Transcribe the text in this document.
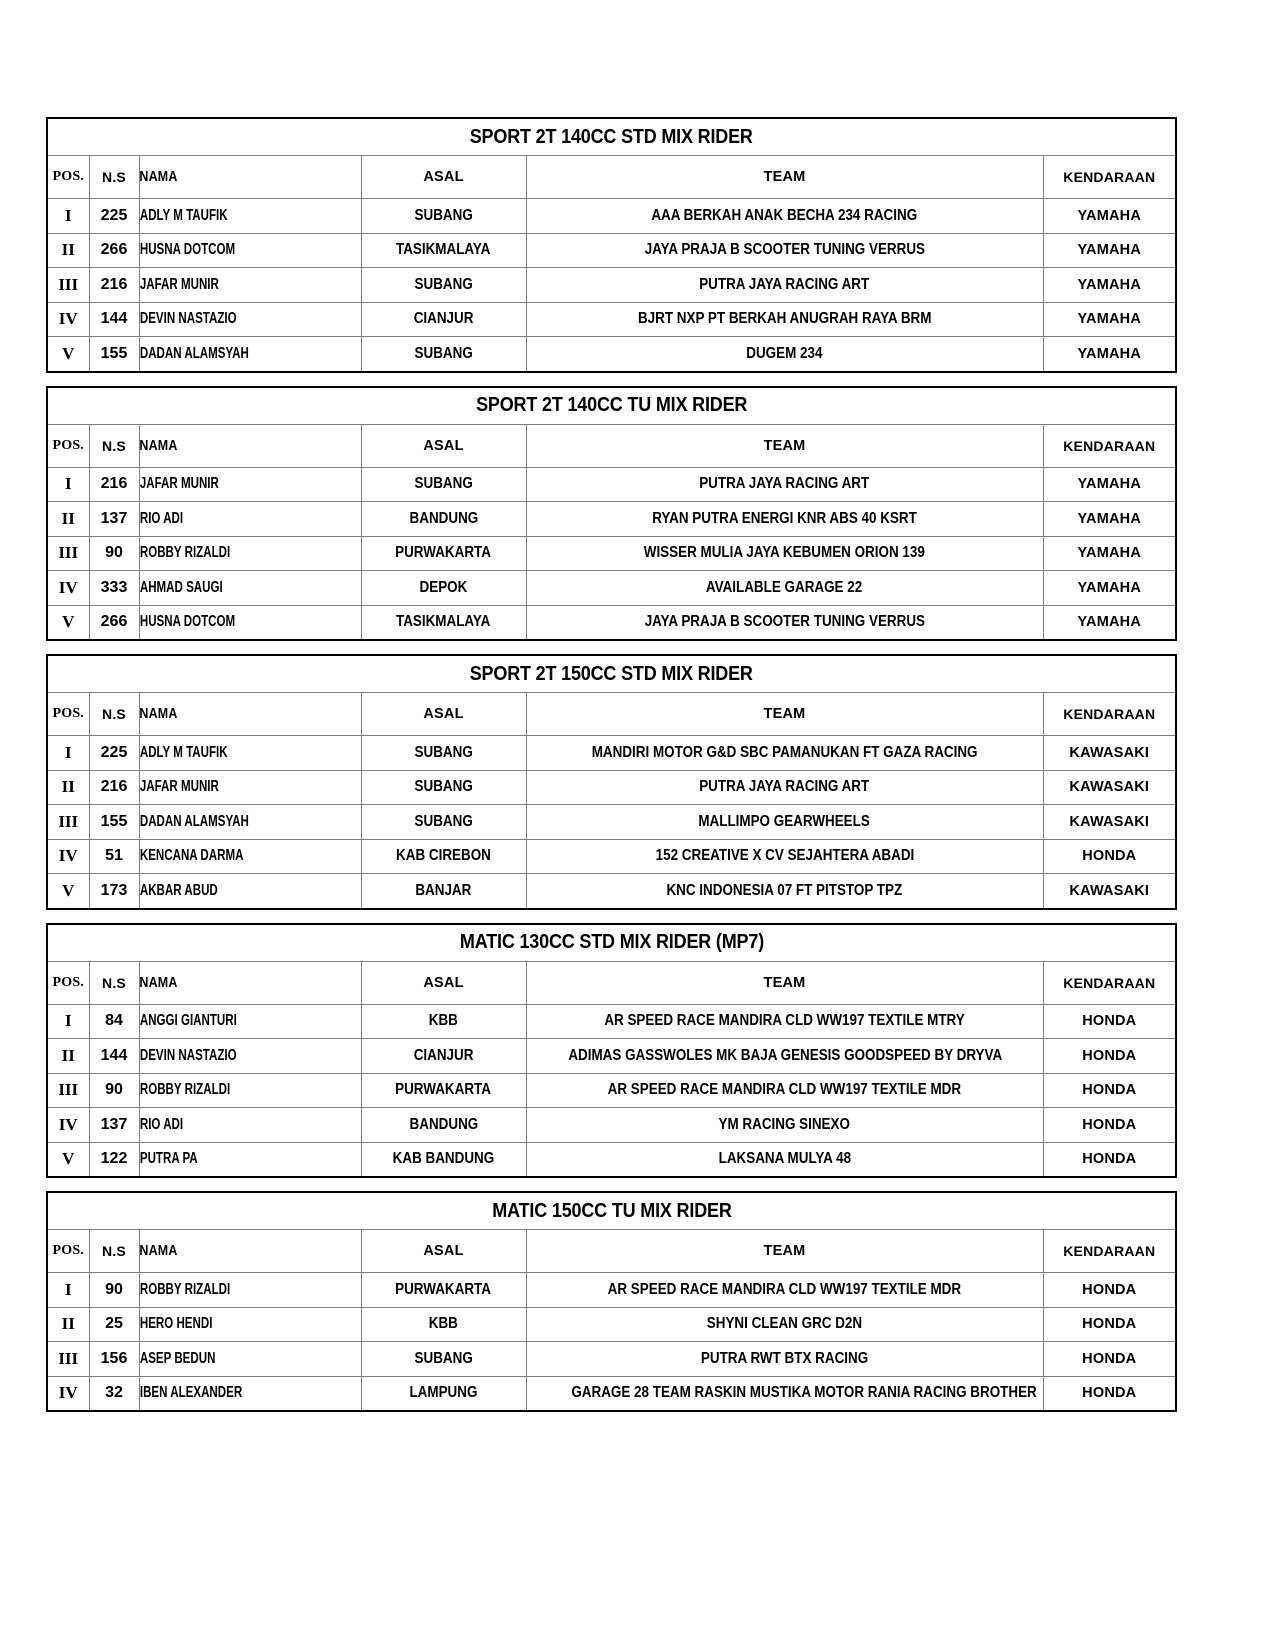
SPORT 2T 140CC STD MIX RIDER					
POS.	N.S	NAMA	ASAL	TEAM	KENDARAAN
I	225	ADLY M TAUFIK	SUBANG	AAA BERKAH ANAK BECHA 234 RACING	YAMAHA
II	266	HUSNA DOTCOM	TASIKMALAYA	JAYA PRAJA B SCOOTER TUNING VERRUS	YAMAHA
III	216	JAFAR MUNIR	SUBANG	PUTRA JAYA RACING ART	YAMAHA
IV	144	DEVIN NASTAZIO	CIANJUR	BJRT NXP PT BERKAH ANUGRAH RAYA BRM	YAMAHA
V	155	DADAN ALAMSYAH	SUBANG	DUGEM 234	YAMAHA
SPORT 2T 140CC TU MIX RIDER					
POS.	N.S	NAMA	ASAL	TEAM	KENDARAAN
I	216	JAFAR MUNIR	SUBANG	PUTRA JAYA RACING ART	YAMAHA
II	137	RIO ADI	BANDUNG	RYAN PUTRA ENERGI KNR ABS 40 KSRT	YAMAHA
III	90	ROBBY RIZALDI	PURWAKARTA	WISSER MULIA JAYA KEBUMEN ORION 139	YAMAHA
IV	333	AHMAD SAUGI	DEPOK	AVAILABLE GARAGE 22	YAMAHA
V	266	HUSNA DOTCOM	TASIKMALAYA	JAYA PRAJA B SCOOTER TUNING VERRUS	YAMAHA
SPORT 2T 150CC STD MIX RIDER					
POS.	N.S	NAMA	ASAL	TEAM	KENDARAAN
I	225	ADLY M TAUFIK	SUBANG	MANDIRI MOTOR G&D SBC PAMANUKAN FT GAZA RACING	KAWASAKI
II	216	JAFAR MUNIR	SUBANG	PUTRA JAYA RACING ART	KAWASAKI
III	155	DADAN ALAMSYAH	SUBANG	MALLIMPO GEARWHEELS	KAWASAKI
IV	51	KENCANA DARMA	KAB CIREBON	152 CREATIVE X CV SEJAHTERA ABADI	HONDA
V	173	AKBAR ABUD	BANJAR	KNC INDONESIA 07 FT PITSTOP TPZ	KAWASAKI
MATIC 130CC STD MIX RIDER (MP7)					
POS.	N.S	NAMA	ASAL	TEAM	KENDARAAN
I	84	ANGGI GIANTURI	KBB	AR SPEED RACE MANDIRA CLD WW197 TEXTILE MTRY	HONDA
II	144	DEVIN NASTAZIO	CIANJUR	ADIMAS GASSWOLES MK BAJA GENESIS GOODSPEED BY DRYVA	HONDA
III	90	ROBBY RIZALDI	PURWAKARTA	AR SPEED RACE MANDIRA CLD WW197 TEXTILE MDR	HONDA
IV	137	RIO ADI	BANDUNG	YM RACING SINEXO	HONDA
V	122	PUTRA PA	KAB BANDUNG	LAKSANA MULYA 48	HONDA
MATIC 150CC TU MIX RIDER					
POS.	N.S	NAMA	ASAL	TEAM	KENDARAAN
I	90	ROBBY RIZALDI	PURWAKARTA	AR SPEED RACE MANDIRA CLD WW197 TEXTILE MDR	HONDA
II	25	HERO HENDI	KBB	SHYNI CLEAN GRC D2N	HONDA
III	156	ASEP BEDUN	SUBANG	PUTRA RWT BTX RACING	HONDA
IV	32	IBEN ALEXANDER	LAMPUNG	GARAGE 28 TEAM RASKIN MUSTIKA MOTOR RANIA RACING BROTHER	HONDA
